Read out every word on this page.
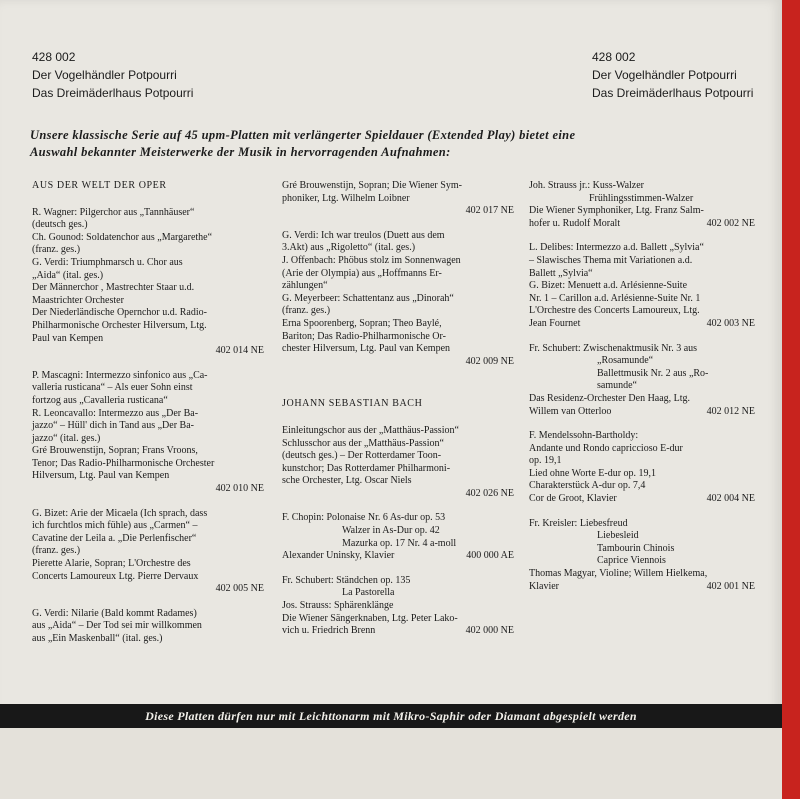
428 002
Der Vogelhändler Potpourri
Das Dreimäderlhaus Potpourri
428 002
Der Vogelhändler Potpourri
Das Dreimäderlhaus Potpourri
Unsere klassische Serie auf 45 upm-Platten mit verlängerter Spieldauer (Extended Play) bietet eine
Auswahl bekannter Meisterwerke der Musik in hervorragenden Aufnahmen:
AUS DER WELT DER OPER
R. Wagner: Pilgerchor aus „Tannhäuser“
(deutsch ges.)
Ch. Gounod: Soldatenchor aus „Margarethe“
(franz. ges.)
G. Verdi: Triumphmarsch u. Chor aus
„Aida“ (ital. ges.)
Der Männerchor , Mastrechter Staar u.d.
Maastrichter Orchester
Der Niederländische Opernchor u.d. Radio-
Philharmonische Orchester Hilversum, Ltg.
Paul van Kempen
402 014 NE
P. Mascagni: Intermezzo sinfonico aus „Ca-
valleria rusticana“ – Als euer Sohn einst
fortzog aus „Cavalleria rusticana“
R. Leoncavallo: Intermezzo aus „Der Ba-
jazzo“ – Hüll' dich in Tand aus „Der Ba-
jazzo“ (ital. ges.)
Gré Brouwenstijn, Sopran; Frans Vroons,
Tenor; Das Radio-Philharmonische Orchester
Hilversum, Ltg. Paul van Kempen
402 010 NE
G. Bizet: Arie der Micaela (Ich sprach, dass
ich furchtlos mich fühle) aus „Carmen“ –
Cavatine der Leila a. „Die Perlenfischer“
(franz. ges.)
Pierette Alarie, Sopran; L'Orchestre des
Concerts Lamoureux Ltg. Pierre Dervaux
402 005 NE
G. Verdi: Nilarie (Bald kommt Radames)
aus „Aida“ – Der Tod sei mir willkommen
aus „Ein Maskenball“ (ital. ges.)
Gré Brouwenstijn, Sopran; Die Wiener Sym-
phoniker, Ltg. Wilhelm Loibner
402 017 NE
G. Verdi: Ich war treulos (Duett aus dem
3.Akt) aus „Rigoletto“ (ital. ges.)
J. Offenbach: Phöbus stolz im Sonnenwagen
(Arie der Olympia) aus „Hoffmanns Er-
zählungen“
G. Meyerbeer: Schattentanz aus „Dinorah“
(franz. ges.)
Erna Spoorenberg, Sopran; Theo Baylé,
Bariton; Das Radio-Philharmonische Or-
chester Hilversum, Ltg. Paul van Kempen
402 009 NE
JOHANN SEBASTIAN BACH
Einleitungschor aus der „Matthäus-Passion“
Schlusschor aus der „Matthäus-Passion“
(deutsch ges.) – Der Rotterdamer Toon-
kunstchor; Das Rotterdamer Philharmoni-
sche Orchester, Ltg. Oscar Niels
402 026 NE
F. Chopin: Polonaise Nr. 6 As-dur op. 53
Walzer in As-Dur op. 42
Mazurka op. 17 Nr. 4 a-moll
Alexander Uninsky, Klavier	400 000 AE
Fr. Schubert: Ständchen op. 135
La Pastorella
Jos. Strauss: Sphärenklänge
Die Wiener Sängerknaben, Ltg. Peter Lako-
vich u. Friedrich Brenn	402 000 NE
Joh. Strauss jr.: Kuss-Walzer
Frühlingsstimmen-Walzer
Die Wiener Symphoniker, Ltg. Franz Salm-
hofer u. Rudolf Moralt	402 002 NE
L. Delibes: Intermezzo a.d. Ballett „Sylvia“
– Slawisches Thema mit Variationen a.d.
Ballett „Sylvia“
G. Bizet: Menuett a.d. Arlésienne-Suite
Nr. 1 – Carillon a.d. Arlésienne-Suite Nr. 1
L'Orchestre des Concerts Lamoureux, Ltg.
Jean Fournet	402 003 NE
Fr. Schubert: Zwischenaktmusik Nr. 3 aus
„Rosamunde“
Ballettmusik Nr. 2 aus „Ro-
samunde“
Das Residenz-Orchester Den Haag, Ltg.
Willem van Otterloo	402 012 NE
F. Mendelssohn-Bartholdy:
Andante und Rondo capriccioso E-dur
op. 19,1
Lied ohne Worte E-dur op. 19,1
Charakterstück A-dur op. 7,4
Cor de Groot, Klavier	402 004 NE
Fr. Kreisler: Liebesfreud
Liebesleid
Tambourin Chinois
Caprice Viennois
Thomas Magyar, Violine; Willem Hielkema,
Klavier	402 001 NE
Diese Platten dürfen nur mit Leichttonarm mit Mikro-Saphir oder Diamant abgespielt werden
